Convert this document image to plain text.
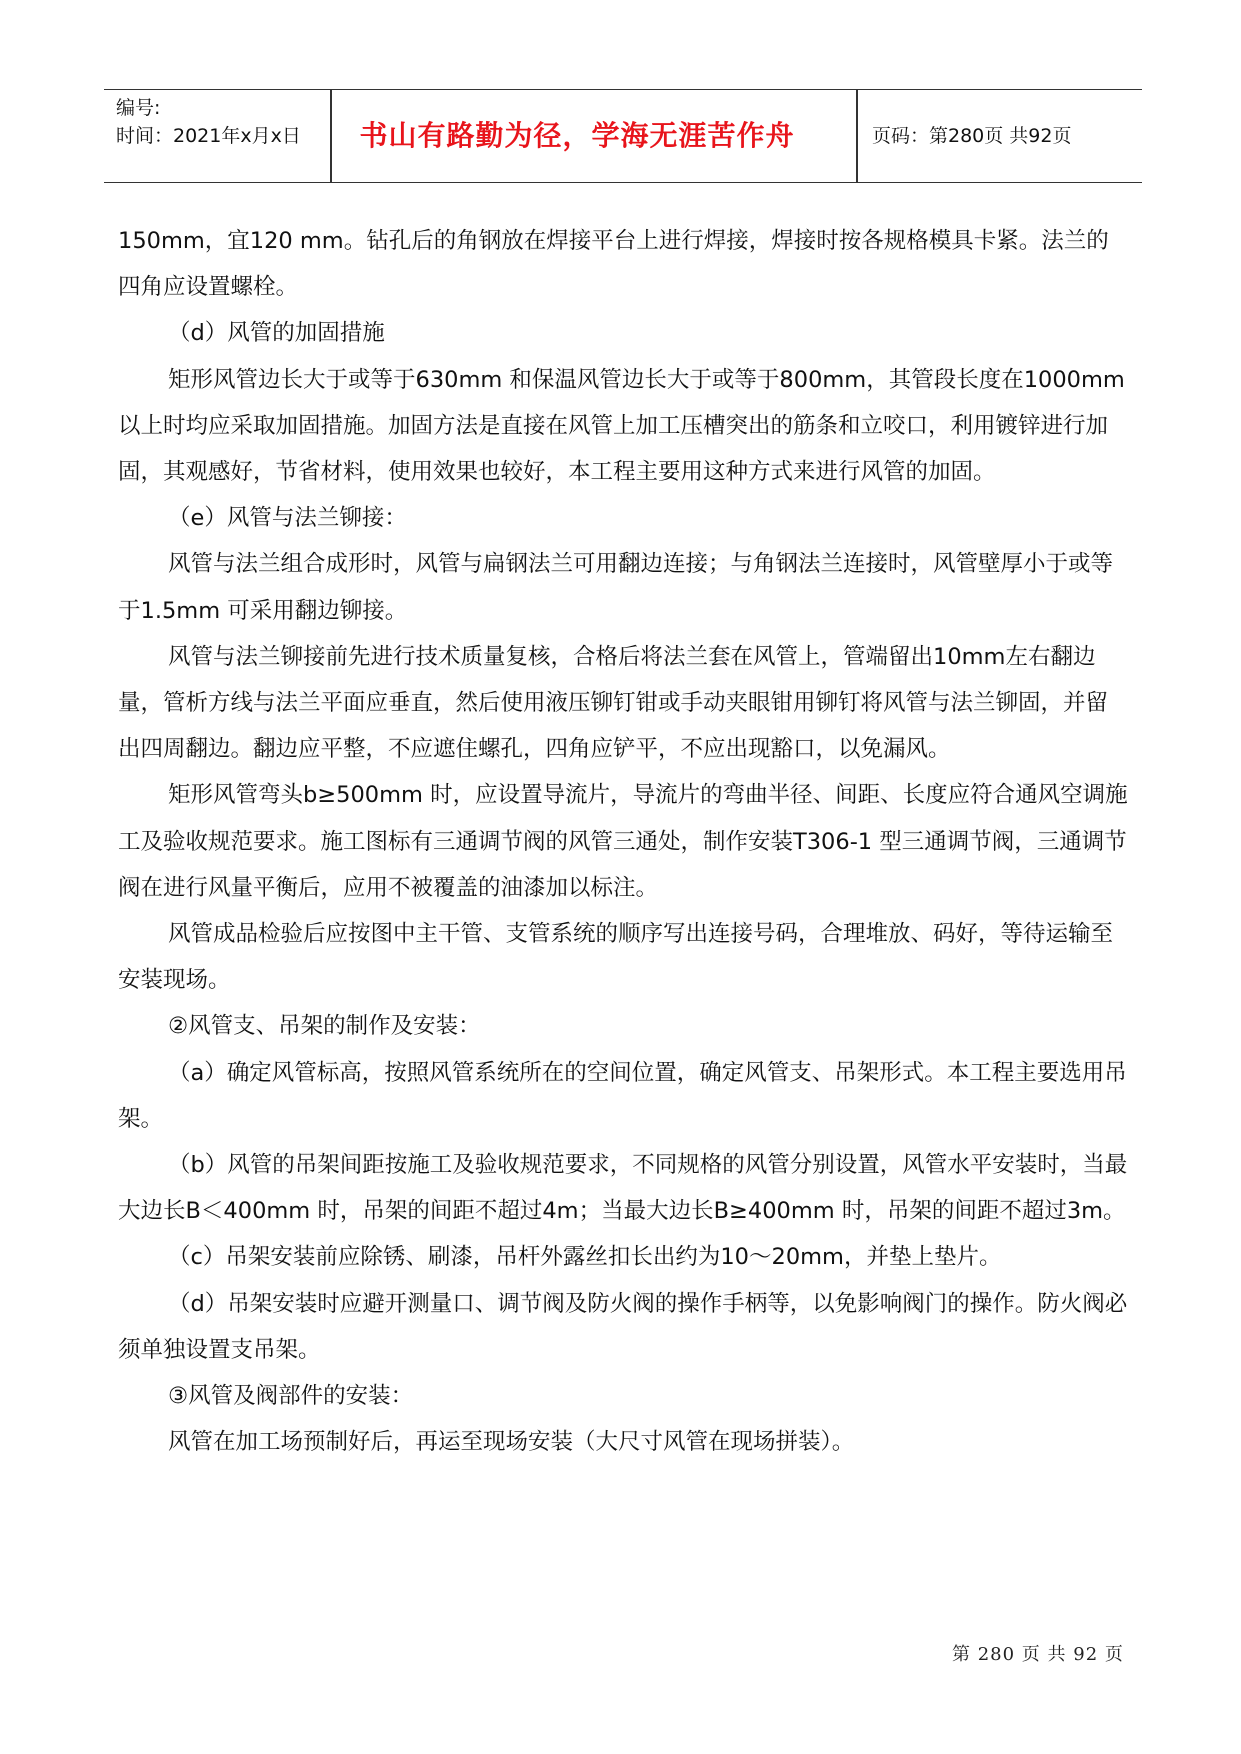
编号:
时间：2021年x月x日	书山有路勤为径，学海无涯苦作舟	页码：第280页 共92页

150mm，宜120 mm。钻孔后的角钢放在焊接平台上进行焊接，焊接时按各规格模具卡紧。法兰的四角应设置螺栓。

（d）风管的加固措施

矩形风管边长大于或等于630mm 和保温风管边长大于或等于800mm，其管段长度在1000mm 以上时均应采取加固措施。加固方法是直接在风管上加工压槽突出的筋条和立咬口，利用镀锌进行加固，其观感好，节省材料，使用效果也较好，本工程主要用这种方式来进行风管的加固。

（e）风管与法兰铆接：

风管与法兰组合成形时，风管与扁钢法兰可用翻边连接；与角钢法兰连接时，风管壁厚小于或等于1.5mm 可采用翻边铆接。

风管与法兰铆接前先进行技术质量复核，合格后将法兰套在风管上，管端留出10mm左右翻边量，管析方线与法兰平面应垂直，然后使用液压铆钉钳或手动夹眼钳用铆钉将风管与法兰铆固，并留出四周翻边。翻边应平整，不应遮住螺孔，四角应铲平，不应出现豁口，以免漏风。

矩形风管弯头b≥500mm 时，应设置导流片，导流片的弯曲半径、间距、长度应符合通风空调施工及验收规范要求。施工图标有三通调节阀的风管三通处，制作安装T306-1 型三通调节阀，三通调节阀在进行风量平衡后，应用不被覆盖的油漆加以标注。

风管成品检验后应按图中主干管、支管系统的顺序写出连接号码，合理堆放、码好，等待运输至安装现场。

②风管支、吊架的制作及安装：

（a）确定风管标高，按照风管系统所在的空间位置，确定风管支、吊架形式。本工程主要选用吊架。

（b）风管的吊架间距按施工及验收规范要求，不同规格的风管分别设置，风管水平安装时，当最大边长B＜400mm 时，吊架的间距不超过4m；当最大边长B≥400mm 时，吊架的间距不超过3m。

（c）吊架安装前应除锈、刷漆，吊杆外露丝扣长出约为10～20mm，并垫上垫片。

（d）吊架安装时应避开测量口、调节阀及防火阀的操作手柄等，以免影响阀门的操作。防火阀必须单独设置支吊架。

③风管及阀部件的安装：

风管在加工场预制好后，再运至现场安装（大尺寸风管在现场拼装）。

第 280 页 共 92 页
